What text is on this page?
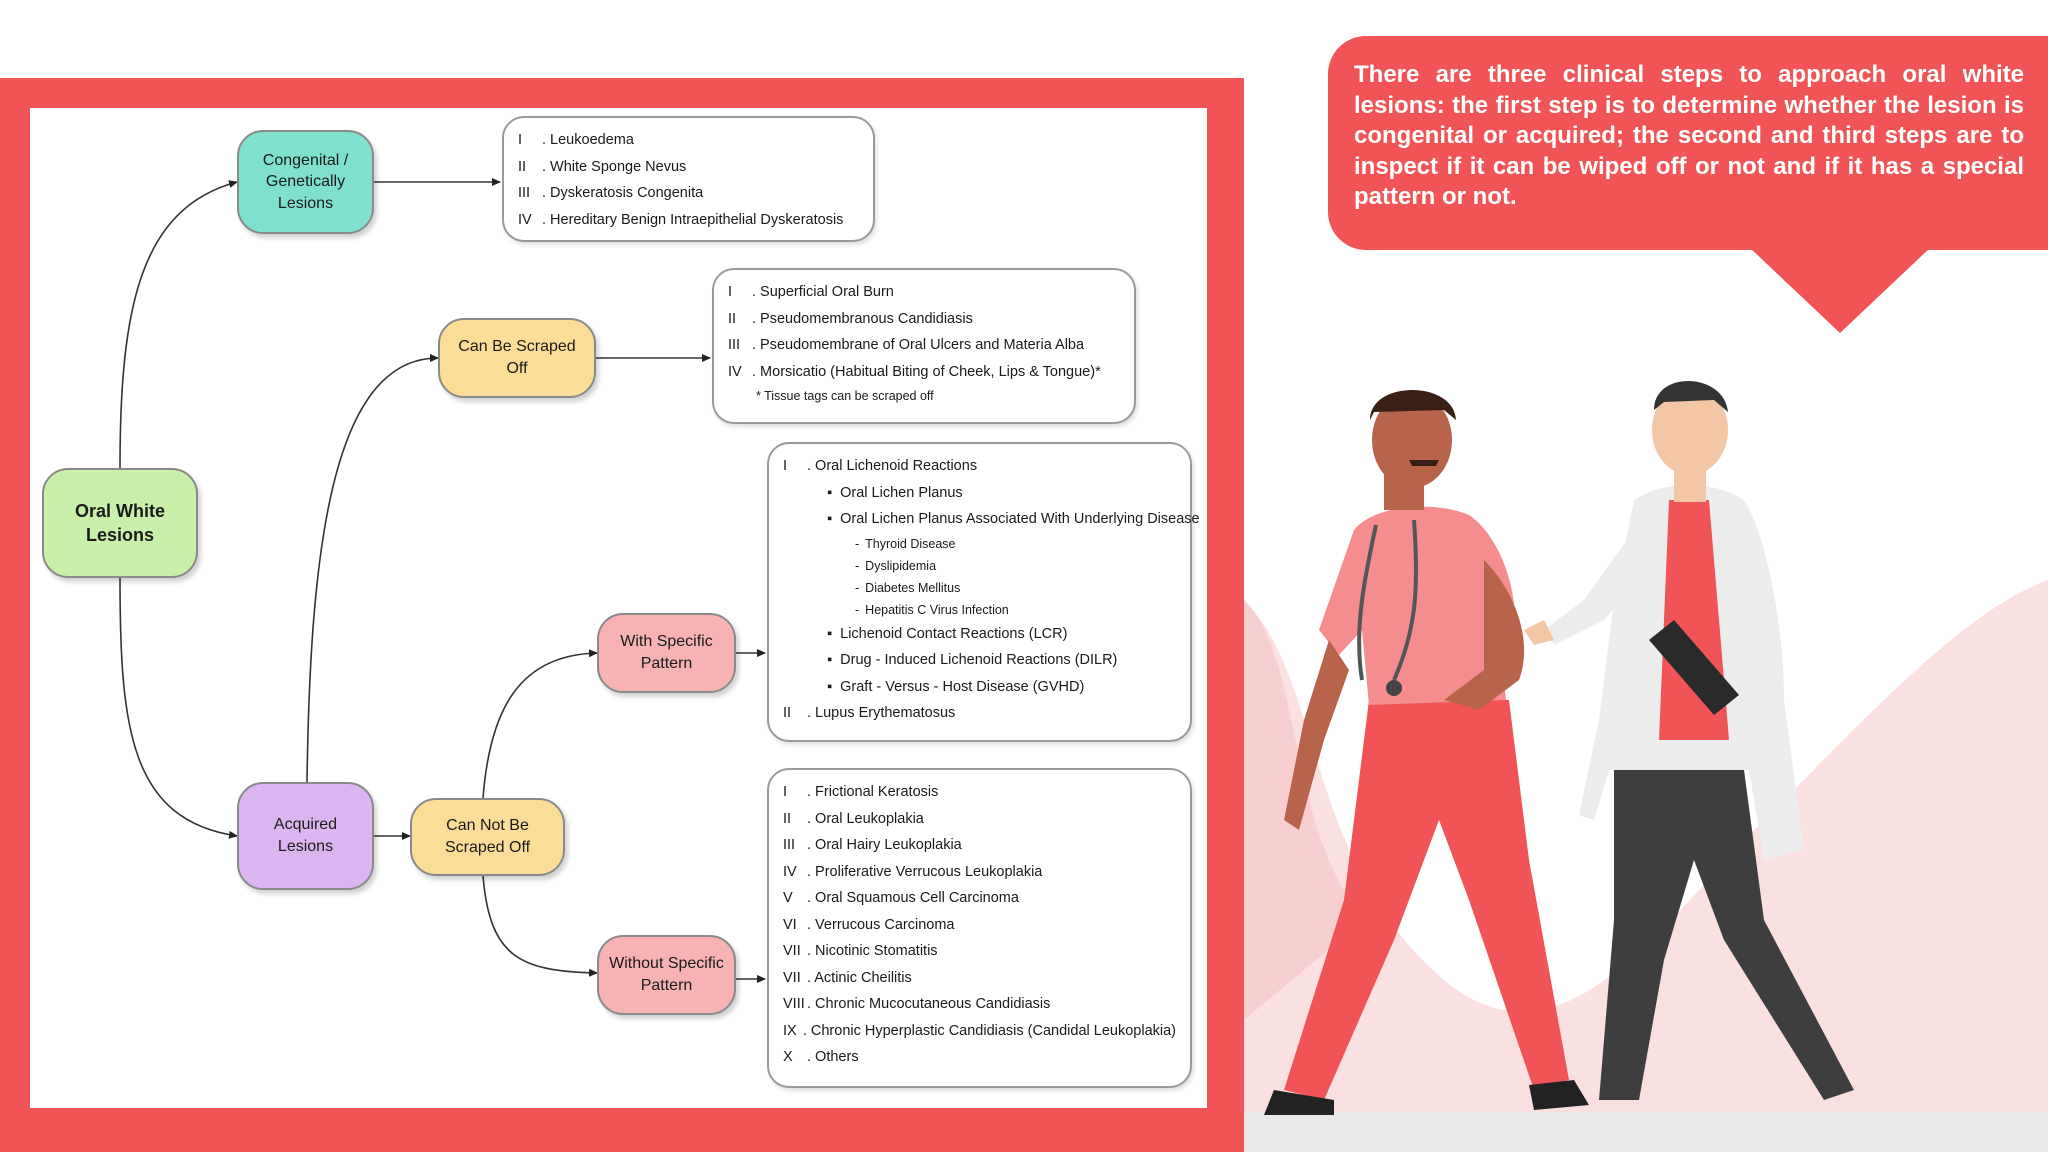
Oral White Lesions
Congenital / Genetically Lesions
Acquired Lesions
Can Be Scraped Off
Can Not Be Scraped Off
With Specific Pattern
Without Specific Pattern
I	. Leukoedema
II	. White Sponge Nevus
III . Dyskeratosis Congenita
IV . Hereditary Benign Intraepithelial Dyskeratosis
I	. Superficial Oral Burn
II	. Pseudomembranous Candidiasis
III . Pseudomembrane of Oral Ulcers and Materia Alba
IV . Morsicatio (Habitual Biting of Cheek, Lips & Tongue)*
* Tissue tags can be scraped off
I	. Oral Lichenoid Reactions
▪ Oral Lichen Planus
▪ Oral Lichen Planus Associated With Underlying Disease
- Thyroid Disease
- Dyslipidemia
- Diabetes Mellitus
- Hepatitis C Virus Infection
▪ Lichenoid Contact Reactions (LCR)
▪ Drug - Induced Lichenoid Reactions (DILR)
▪ Graft - Versus - Host Disease (GVHD)
II	. Lupus Erythematosus
I	. Frictional Keratosis
II	. Oral Leukoplakia
III . Oral Hairy Leukoplakia
IV . Proliferative Verrucous Leukoplakia
V . Oral Squamous Cell Carcinoma
VI . Verrucous Carcinoma
VII . Nicotinic Stomatitis
VII . Actinic Cheilitis
VIII . Chronic Mucocutaneous Candidiasis
IX . Chronic Hyperplastic Candidiasis (Candidal Leukoplakia)
X . Others
There are three clinical steps to approach oral white lesions: the first step is to determine whether the lesion is congenital or acquired; the second and third steps are to inspect if it can be wiped off or not and if it has a special pattern or not.
